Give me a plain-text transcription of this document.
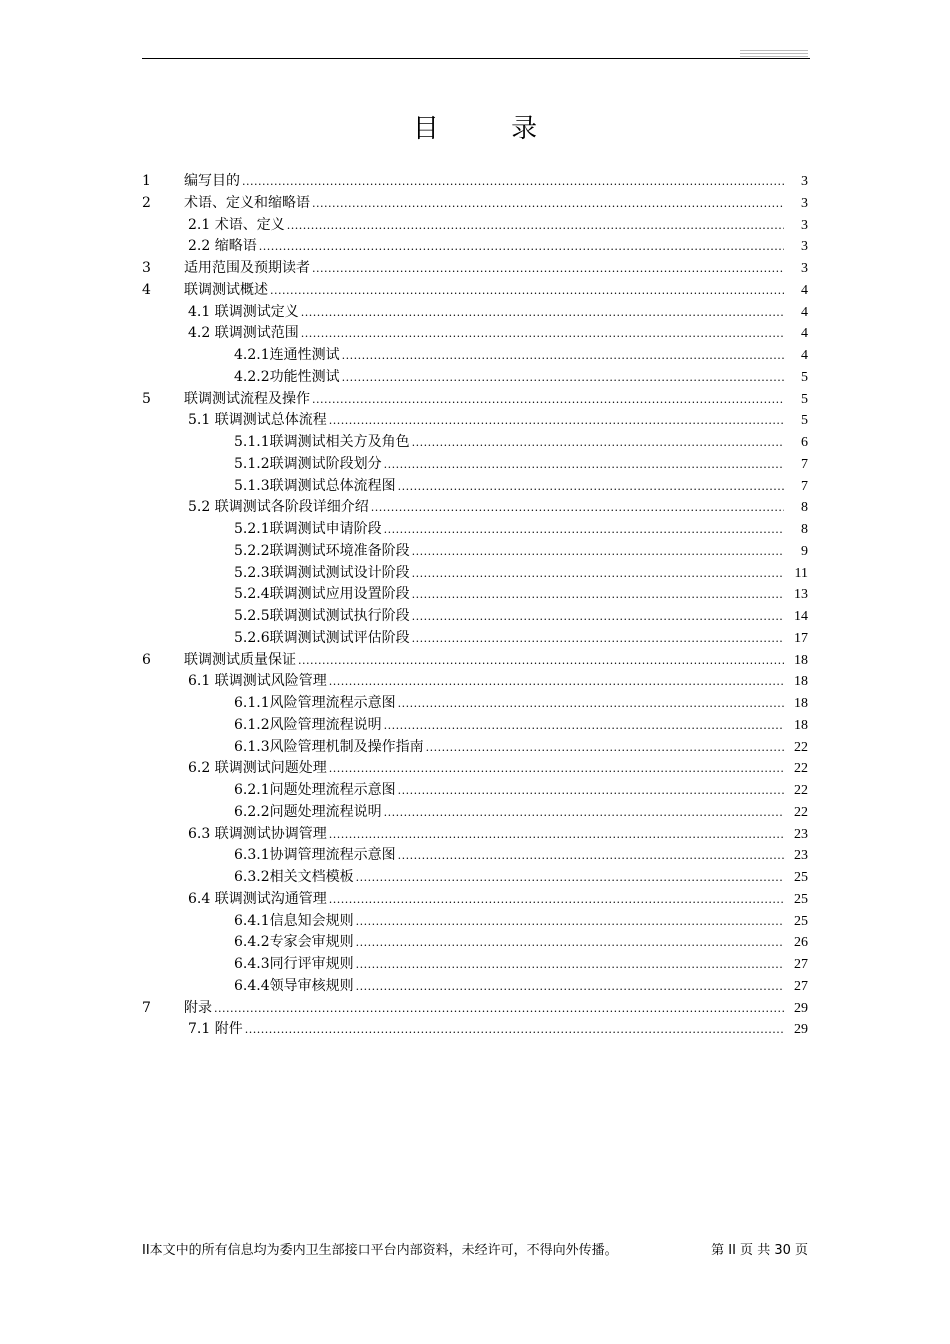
目 录
1 编写目的 .....	3
2 术语、定义和缩略语 .....	3
2.1 术语、定义 .....	3
2.2 缩略语 .....	3
3 适用范围及预期读者 .....	3
4 联调测试概述 .....	4
4.1 联调测试定义 .....	4
4.2 联调测试范围 .....	4
4.2.1连通性测试 .....	4
4.2.2功能性测试 .....	5
5 联调测试流程及操作 .....	5
5.1 联调测试总体流程 .....	5
5.1.1联调测试相关方及角色 .....	6
5.1.2联调测试阶段划分 .....	7
5.1.3联调测试总体流程图 .....	7
5.2 联调测试各阶段详细介绍 .....	8
5.2.1联调测试申请阶段 .....	8
5.2.2联调测试环境准备阶段 .....	9
5.2.3联调测试测试设计阶段 .....	11
5.2.4联调测试应用设置阶段 .....	13
5.2.5联调测试测试执行阶段 .....	14
5.2.6联调测试测试评估阶段 .....	17
6 联调测试质量保证 .....	18
6.1 联调测试风险管理 .....	18
6.1.1风险管理流程示意图 .....	18
6.1.2风险管理流程说明 .....	18
6.1.3风险管理机制及操作指南 .....	22
6.2 联调测试问题处理 .....	22
6.2.1问题处理流程示意图 .....	22
6.2.2问题处理流程说明 .....	22
6.3 联调测试协调管理 .....	23
6.3.1协调管理流程示意图 .....	23
6.3.2相关文档模板 .....	25
6.4 联调测试沟通管理 .....	25
6.4.1信息知会规则 .....	25
6.4.2专家会审规则 .....	26
6.4.3同行评审规则 .....	27
6.4.4领导审核规则 .....	27
7 附录 .....	29
7.1 附件 .....	29
II本文中的所有信息均为委内卫生部接口平台内部资料，未经许可，不得向外传播。	第 II 页 共 30 页
